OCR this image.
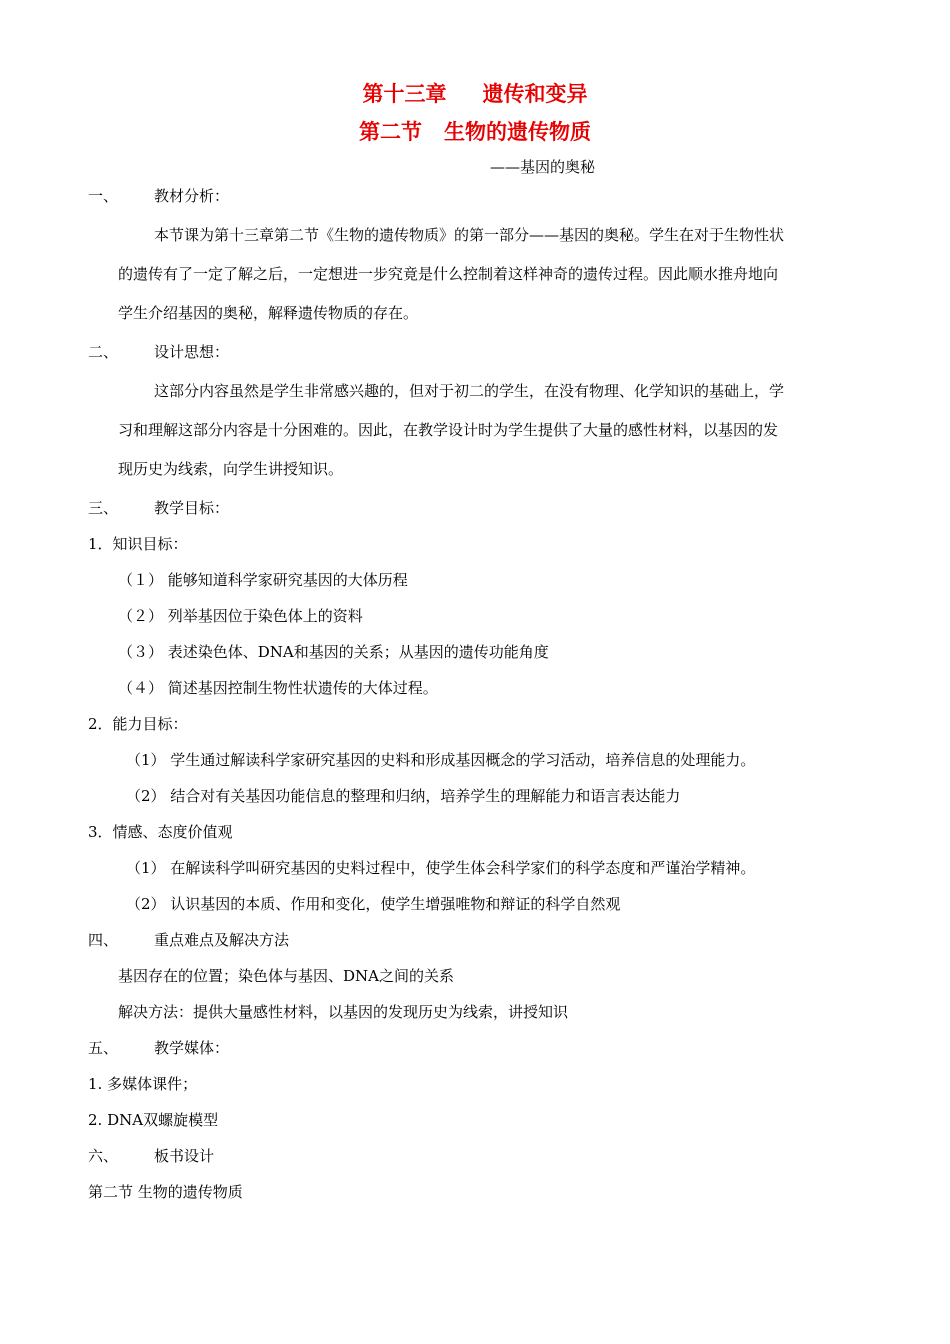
第十三章 遗传和变异
第二节 生物的遗传物质
——基因的奥秘
一、 教材分析：
本节课为第十三章第二节《生物的遗传物质》的第一部分——基因的奥秘。学生在对于生物性状
的遗传有了一定了解之后，一定想进一步究竟是什么控制着这样神奇的遗传过程。因此顺水推舟地向
学生介绍基因的奥秘，解释遗传物质的存在。
二、 设计思想：
这部分内容虽然是学生非常感兴趣的，但对于初二的学生，在没有物理、化学知识的基础上，学
习和理解这部分内容是十分困难的。因此，在教学设计时为学生提供了大量的感性材料，以基因的发
现历史为线索，向学生讲授知识。
三、 教学目标：
1．知识目标：
（１） 能够知道科学家研究基因的大体历程
（２） 列举基因位于染色体上的资料
（３） 表述染色体、DNA和基因的关系；从基因的遗传功能角度
（４） 简述基因控制生物性状遗传的大体过程。
2．能力目标：
（1） 学生通过解读科学家研究基因的史料和形成基因概念的学习活动，培养信息的处理能力。
（2） 结合对有关基因功能信息的整理和归纳，培养学生的理解能力和语言表达能力
3．情感、态度价值观
（1） 在解读科学叫研究基因的史料过程中，使学生体会科学家们的科学态度和严谨治学精神。
（2） 认识基因的本质、作用和变化，使学生增强唯物和辩证的科学自然观
四、 重点难点及解决方法
基因存在的位置；染色体与基因、DNA之间的关系
解决方法：提供大量感性材料，以基因的发现历史为线索，讲授知识
五、 教学媒体：
1. 多媒体课件；
2. DNA双螺旋模型
六、 板书设计
第二节 生物的遗传物质
